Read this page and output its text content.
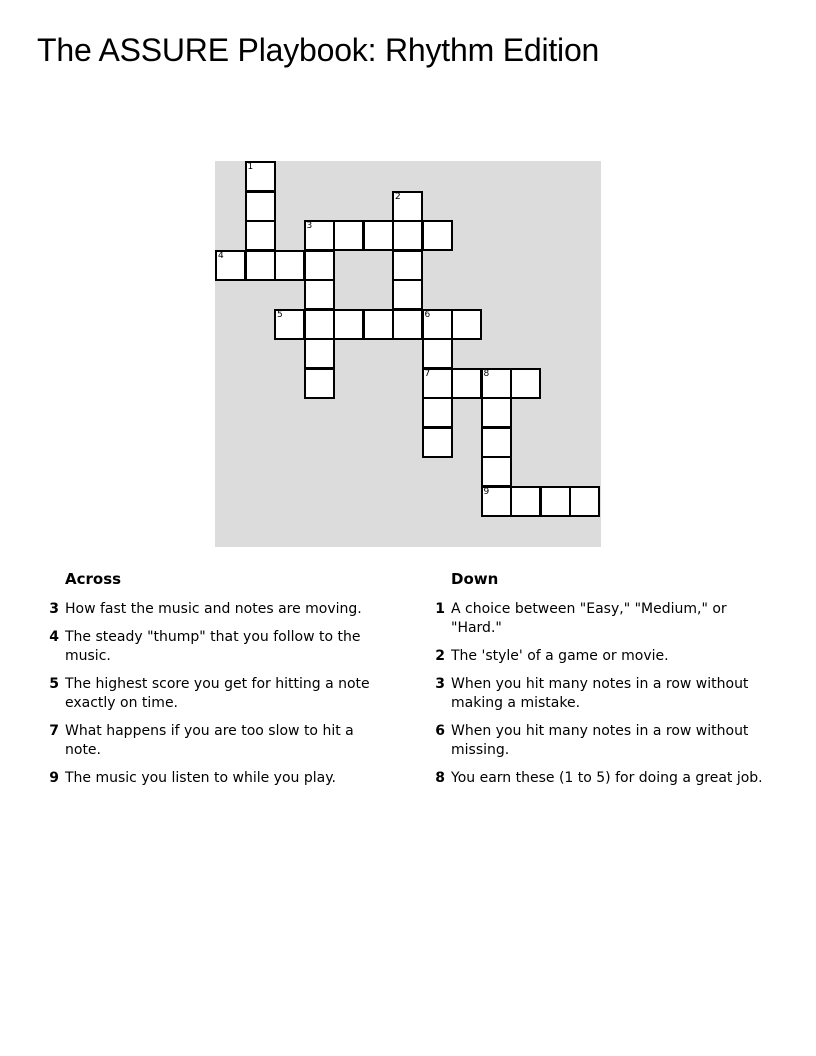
The ASSURE Playbook: Rhythm Edition
1
2
3
4
5	6
7	8
9
Across
3 How fast the music and notes are moving.
4 The steady "thump" that you follow to the music.
5 The highest score you get for hitting a note exactly on time.
7 What happens if you are too slow to hit a note.
9 The music you listen to while you play.
Down
1 A choice between "Easy," "Medium," or "Hard."
2 The 'style' of a game or movie.
3 When you hit many notes in a row without making a mistake.
6 When you hit many notes in a row without missing.
8 You earn these (1 to 5) for doing a great job.
